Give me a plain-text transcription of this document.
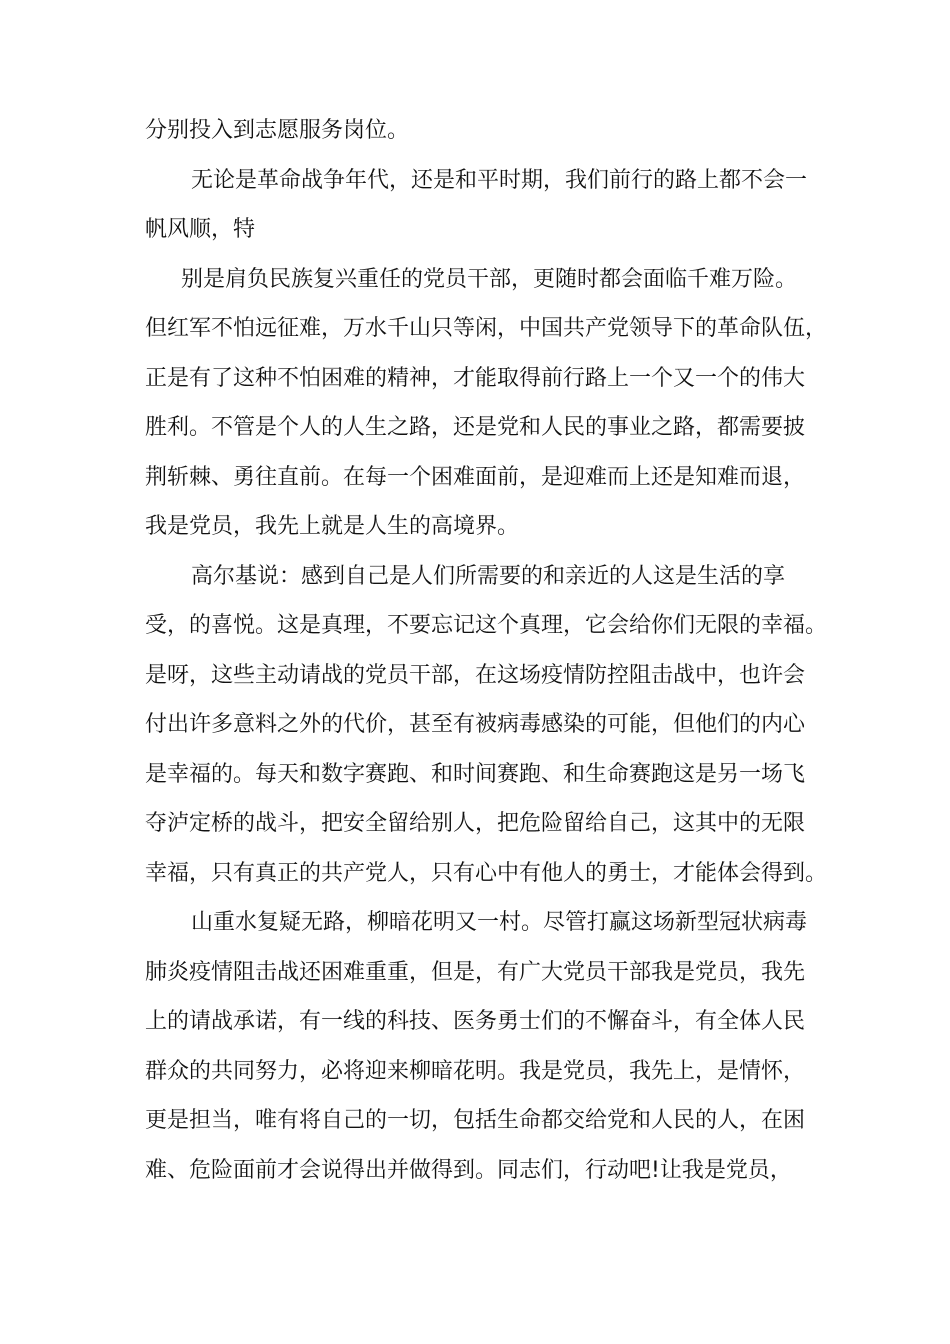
分别投入到志愿服务岗位。
无论是革命战争年代，还是和平时期，我们前行的路上都不会一
帆风顺，特
别是肩负民族复兴重任的党员干部，更随时都会面临千难万险。
但红军不怕远征难，万水千山只等闲，中国共产党领导下的革命队伍，
正是有了这种不怕困难的精神，才能取得前行路上一个又一个的伟大
胜利。不管是个人的人生之路，还是党和人民的事业之路，都需要披
荆斩棘、勇往直前。在每一个困难面前，是迎难而上还是知难而退，
我是党员，我先上就是人生的高境界。
高尔基说：感到自己是人们所需要的和亲近的人这是生活的享
受，的喜悦。这是真理，不要忘记这个真理，它会给你们无限的幸福。
是呀，这些主动请战的党员干部，在这场疫情防控阻击战中，也许会
付出许多意料之外的代价，甚至有被病毒感染的可能，但他们的内心
是幸福的。每天和数字赛跑、和时间赛跑、和生命赛跑这是另一场飞
夺泸定桥的战斗，把安全留给别人，把危险留给自己，这其中的无限
幸福，只有真正的共产党人，只有心中有他人的勇士，才能体会得到。
山重水复疑无路，柳暗花明又一村。尽管打赢这场新型冠状病毒
肺炎疫情阻击战还困难重重，但是，有广大党员干部我是党员，我先
上的请战承诺，有一线的科技、医务勇士们的不懈奋斗，有全体人民
群众的共同努力，必将迎来柳暗花明。我是党员，我先上，是情怀，
更是担当，唯有将自己的一切，包括生命都交给党和人民的人，在困
难、危险面前才会说得出并做得到。同志们，行动吧!让我是党员，
